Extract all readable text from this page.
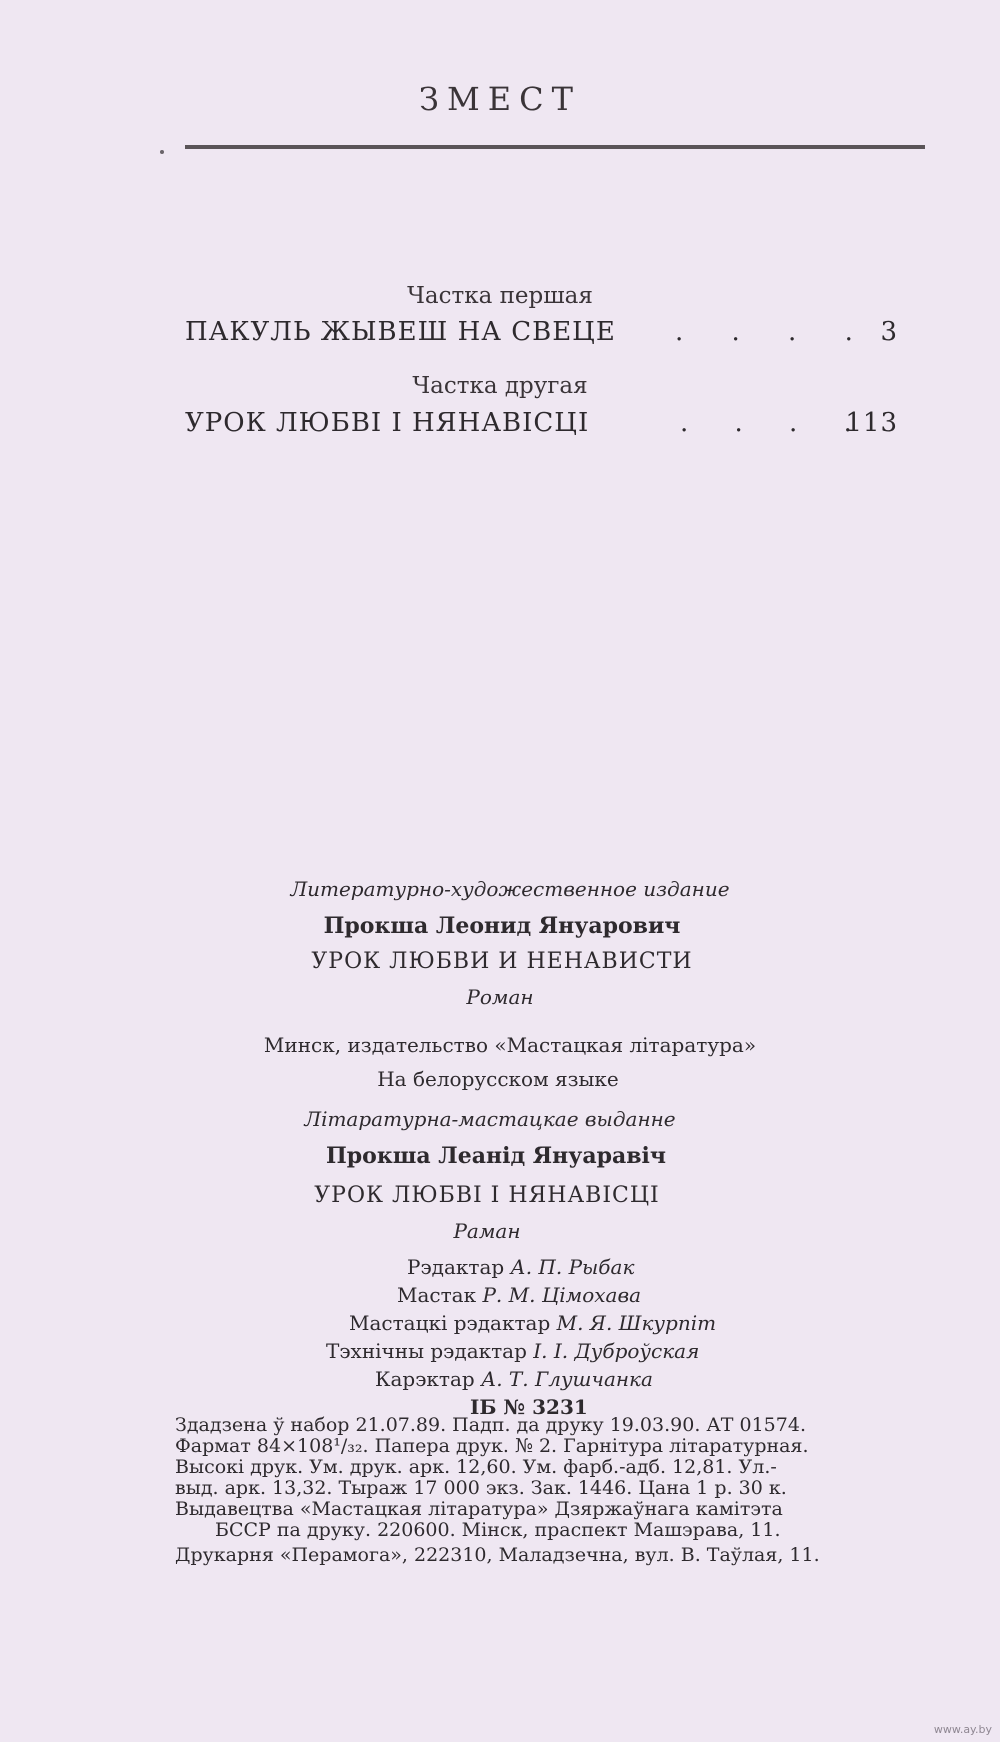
ЗМЕСТ
Частка першая
ПАКУЛЬ ЖЫВЕШ НА СВЕЦЕ . . . . 3
Частка другая
УРОК ЛЮБВІ І НЯНАВІСЦІ	. . . .
113
Литературно-художественное издание
Прокша Леонид Януарович
УРОК ЛЮБВИ И НЕНАВИСТИ
Роман
Минск, издательство «Мастацкая літаратура»
На белорусском языке
Літаратурна-мастацкае выданне
Прокша Леанід Януаравіч
УРОК ЛЮБВІ І НЯНАВІСЦІ
Раман
Рэдактар А. П. Рыбак
Мастак Р. М. Цімохава
Мастацкі рэдактар М. Я. Шкурпіт
Тэхнічны рэдактар І. І. Дуброўская
Карэктар А. Т. Глушчанка
ІБ № 3231
Здадзена ў набор 21.07.89. Падп. да друку 19.03.90. АТ 01574.
Фармат 84×108¹/₃₂. Папера друк. № 2. Гарнітура літаратурная.
Высокі друк. Ум. друк. арк. 12,60. Ум. фарб.-адб. 12,81. Ул.-
выд. арк. 13,32. Тыраж 17 000 экз. Зак. 1446. Цана 1 р. 30 к.
Выдавецтва «Мастацкая літаратура» Дзяржаўнага камітэта
БССР па друку. 220600. Мінск, праспект Машэрава, 11.
Друкарня «Перамога», 222310, Маладзечна, вул. В. Таўлая, 11.
www.ay.by
